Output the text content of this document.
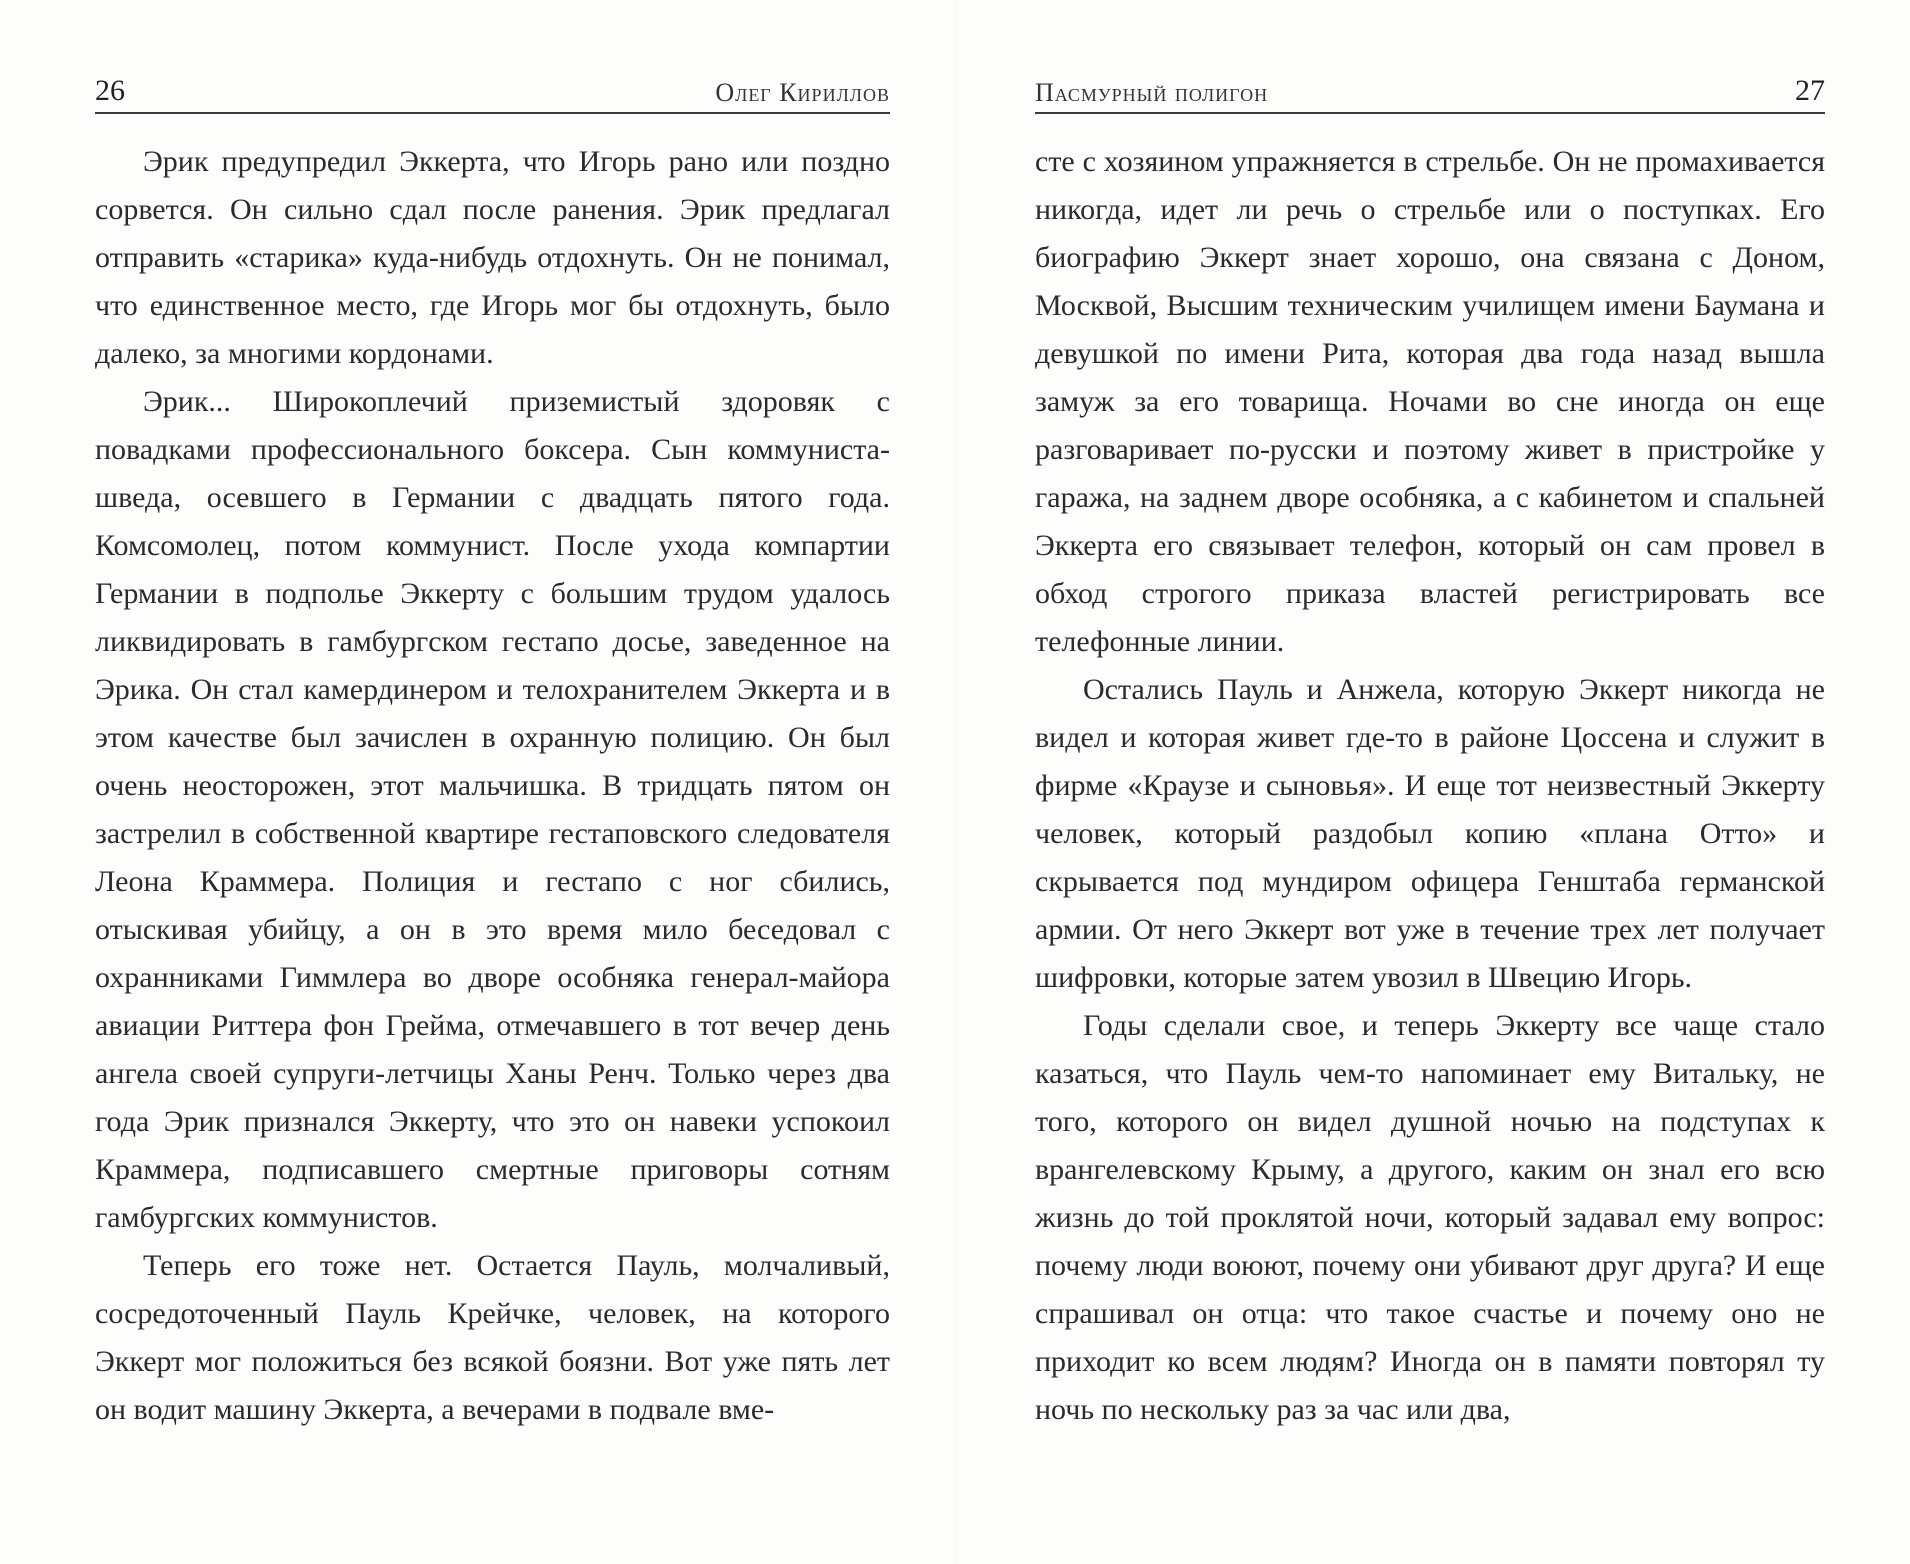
26	Олег Кириллов

Эрик предупредил Эккерта, что Игорь рано или поздно сорвется. Он сильно сдал после ранения. Эрик предлагал отправить «старика» куда-нибудь отдохнуть. Он не понимал, что единственное место, где Игорь мог бы отдохнуть, было далеко, за многими кордонами.

Эрик... Широкоплечий приземистый здоровяк с повадками профессионального боксера. Сын коммуниста-шведа, осевшего в Германии с двадцать пятого года. Комсомолец, потом коммунист. После ухода компартии Германии в подполье Эккерту с большим трудом удалось ликвидировать в гамбургском гестапо досье, заведенное на Эрика. Он стал камердинером и телохранителем Эккерта и в этом качестве был зачислен в охранную полицию. Он был очень неосторожен, этот мальчишка. В тридцать пятом он застрелил в собственной квартире гестаповского следователя Леона Краммера. Полиция и гестапо с ног сбились, отыскивая убийцу, а он в это время мило беседовал с охранниками Гиммлера во дворе особняка генерал-майора авиации Риттера фон Грейма, отмечавшего в тот вечер день ангела своей супруги-летчицы Ханы Ренч. Только через два года Эрик признался Эккерту, что это он навеки успокоил Краммера, подписавшего смертные приговоры сотням гамбургских коммунистов.

Теперь его тоже нет. Остается Пауль, молчаливый, сосредоточенный Пауль Крейчке, человек, на которого Эккерт мог положиться без всякой боязни. Вот уже пять лет он водит машину Эккерта, а вечерами в подвале вме-

Пасмурный полигон	27

сте с хозяином упражняется в стрельбе. Он не промахивается никогда, идет ли речь о стрельбе или о поступках. Его биографию Эккерт знает хорошо, она связана с Доном, Москвой, Высшим техническим училищем имени Баумана и девушкой по имени Рита, которая два года назад вышла замуж за его товарища. Ночами во сне иногда он еще разговаривает по-русски и поэтому живет в пристройке у гаража, на заднем дворе особняка, а с кабинетом и спальней Эккерта его связывает телефон, который он сам провел в обход строгого приказа властей регистрировать все телефонные линии.

Остались Пауль и Анжела, которую Эккерт никогда не видел и которая живет где-то в районе Цоссена и служит в фирме «Краузе и сыновья». И еще тот неизвестный Эккерту человек, который раздобыл копию «плана Отто» и скрывается под мундиром офицера Генштаба германской армии. От него Эккерт вот уже в течение трех лет получает шифровки, которые затем увозил в Швецию Игорь.

Годы сделали свое, и теперь Эккерту все чаще стало казаться, что Пауль чем-то напоминает ему Витальку, не того, которого он видел душной ночью на подступах к врангелевскому Крыму, а другого, каким он знал его всю жизнь до той проклятой ночи, который задавал ему вопрос: почему люди воюют, почему они убивают друг друга? И еще спрашивал он отца: что такое счастье и почему оно не приходит ко всем людям? Иногда он в памяти повторял ту ночь по нескольку раз за час или два,
